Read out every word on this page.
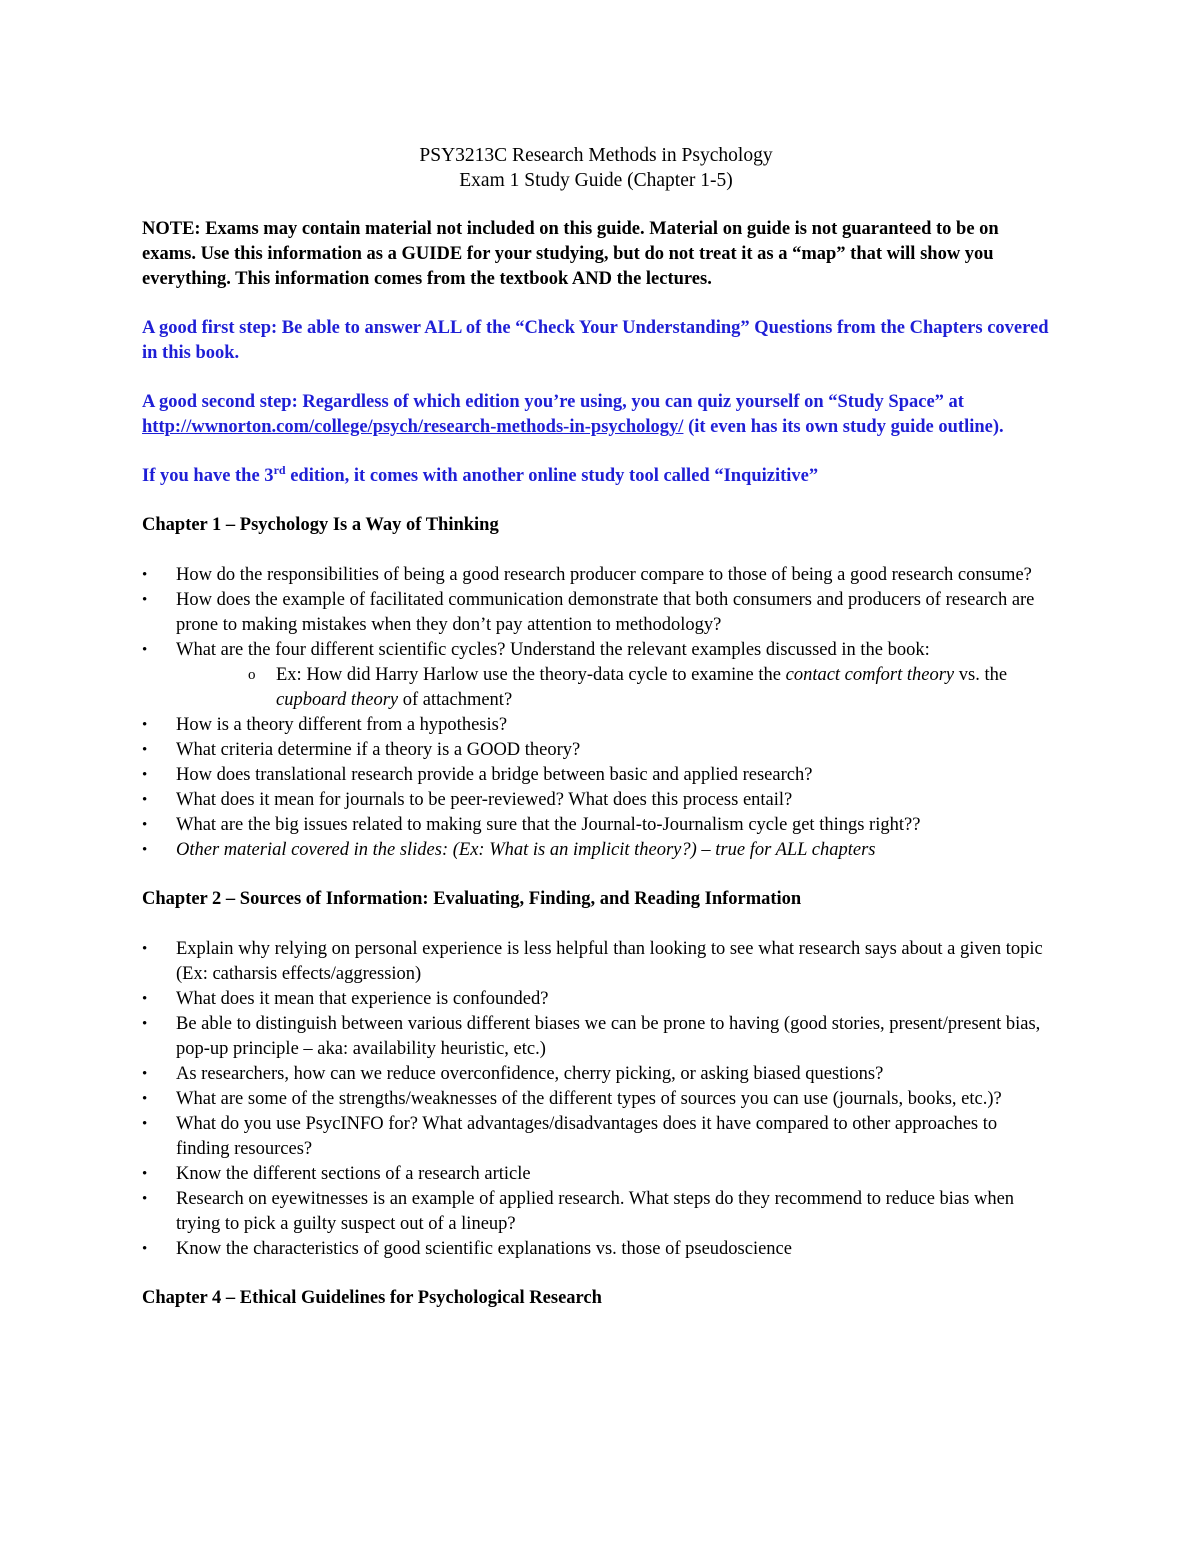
PSY3213C Research Methods in Psychology

Exam 1 Study Guide (Chapter 1-5)

NOTE: Exams may contain material not included on this guide. Material on guide is not guaranteed to be on exams. Use this information as a GUIDE for your studying, but do not treat it as a “map” that will show you everything. This information comes from the textbook AND the lectures.

A good first step: Be able to answer ALL of the “Check Your Understanding” Questions from the Chapters covered in this book.

A good second step: Regardless of which edition you’re using, you can quiz yourself on “Study Space” at http://wwnorton.com/college/psych/research-methods-in-psychology/ (it even has its own study guide outline).

If you have the 3rd edition, it comes with another online study tool called “Inquizitive”

Chapter 1 – Psychology Is a Way of Thinking

•	How do the responsibilities of being a good research producer compare to those of being a good research consume?
•	How does the example of facilitated communication demonstrate that both consumers and producers of research are prone to making mistakes when they don’t pay attention to methodology?
•	What are the four different scientific cycles? Understand the relevant examples discussed in the book:
o	Ex: How did Harry Harlow use the theory-data cycle to examine the contact comfort theory vs. the cupboard theory of attachment?
•	How is a theory different from a hypothesis?
•	What criteria determine if a theory is a GOOD theory?
•	How does translational research provide a bridge between basic and applied research?
•	What does it mean for journals to be peer-reviewed? What does this process entail?
•	What are the big issues related to making sure that the Journal-to-Journalism cycle get things right??
•	Other material covered in the slides: (Ex: What is an implicit theory?) – true for ALL chapters

Chapter 2 – Sources of Information: Evaluating, Finding, and Reading Information

•	Explain why relying on personal experience is less helpful than looking to see what research says about a given topic (Ex: catharsis effects/aggression)
•	What does it mean that experience is confounded?
•	Be able to distinguish between various different biases we can be prone to having (good stories, present/present bias, pop-up principle – aka: availability heuristic, etc.)
•	As researchers, how can we reduce overconfidence, cherry picking, or asking biased questions?
•	What are some of the strengths/weaknesses of the different types of sources you can use (journals, books, etc.)?
•	What do you use PsycINFO for? What advantages/disadvantages does it have compared to other approaches to finding resources?
•	Know the different sections of a research article
•	Research on eyewitnesses is an example of applied research. What steps do they recommend to reduce bias when trying to pick a guilty suspect out of a lineup?
•	Know the characteristics of good scientific explanations vs. those of pseudoscience

Chapter 4 – Ethical Guidelines for Psychological Research
